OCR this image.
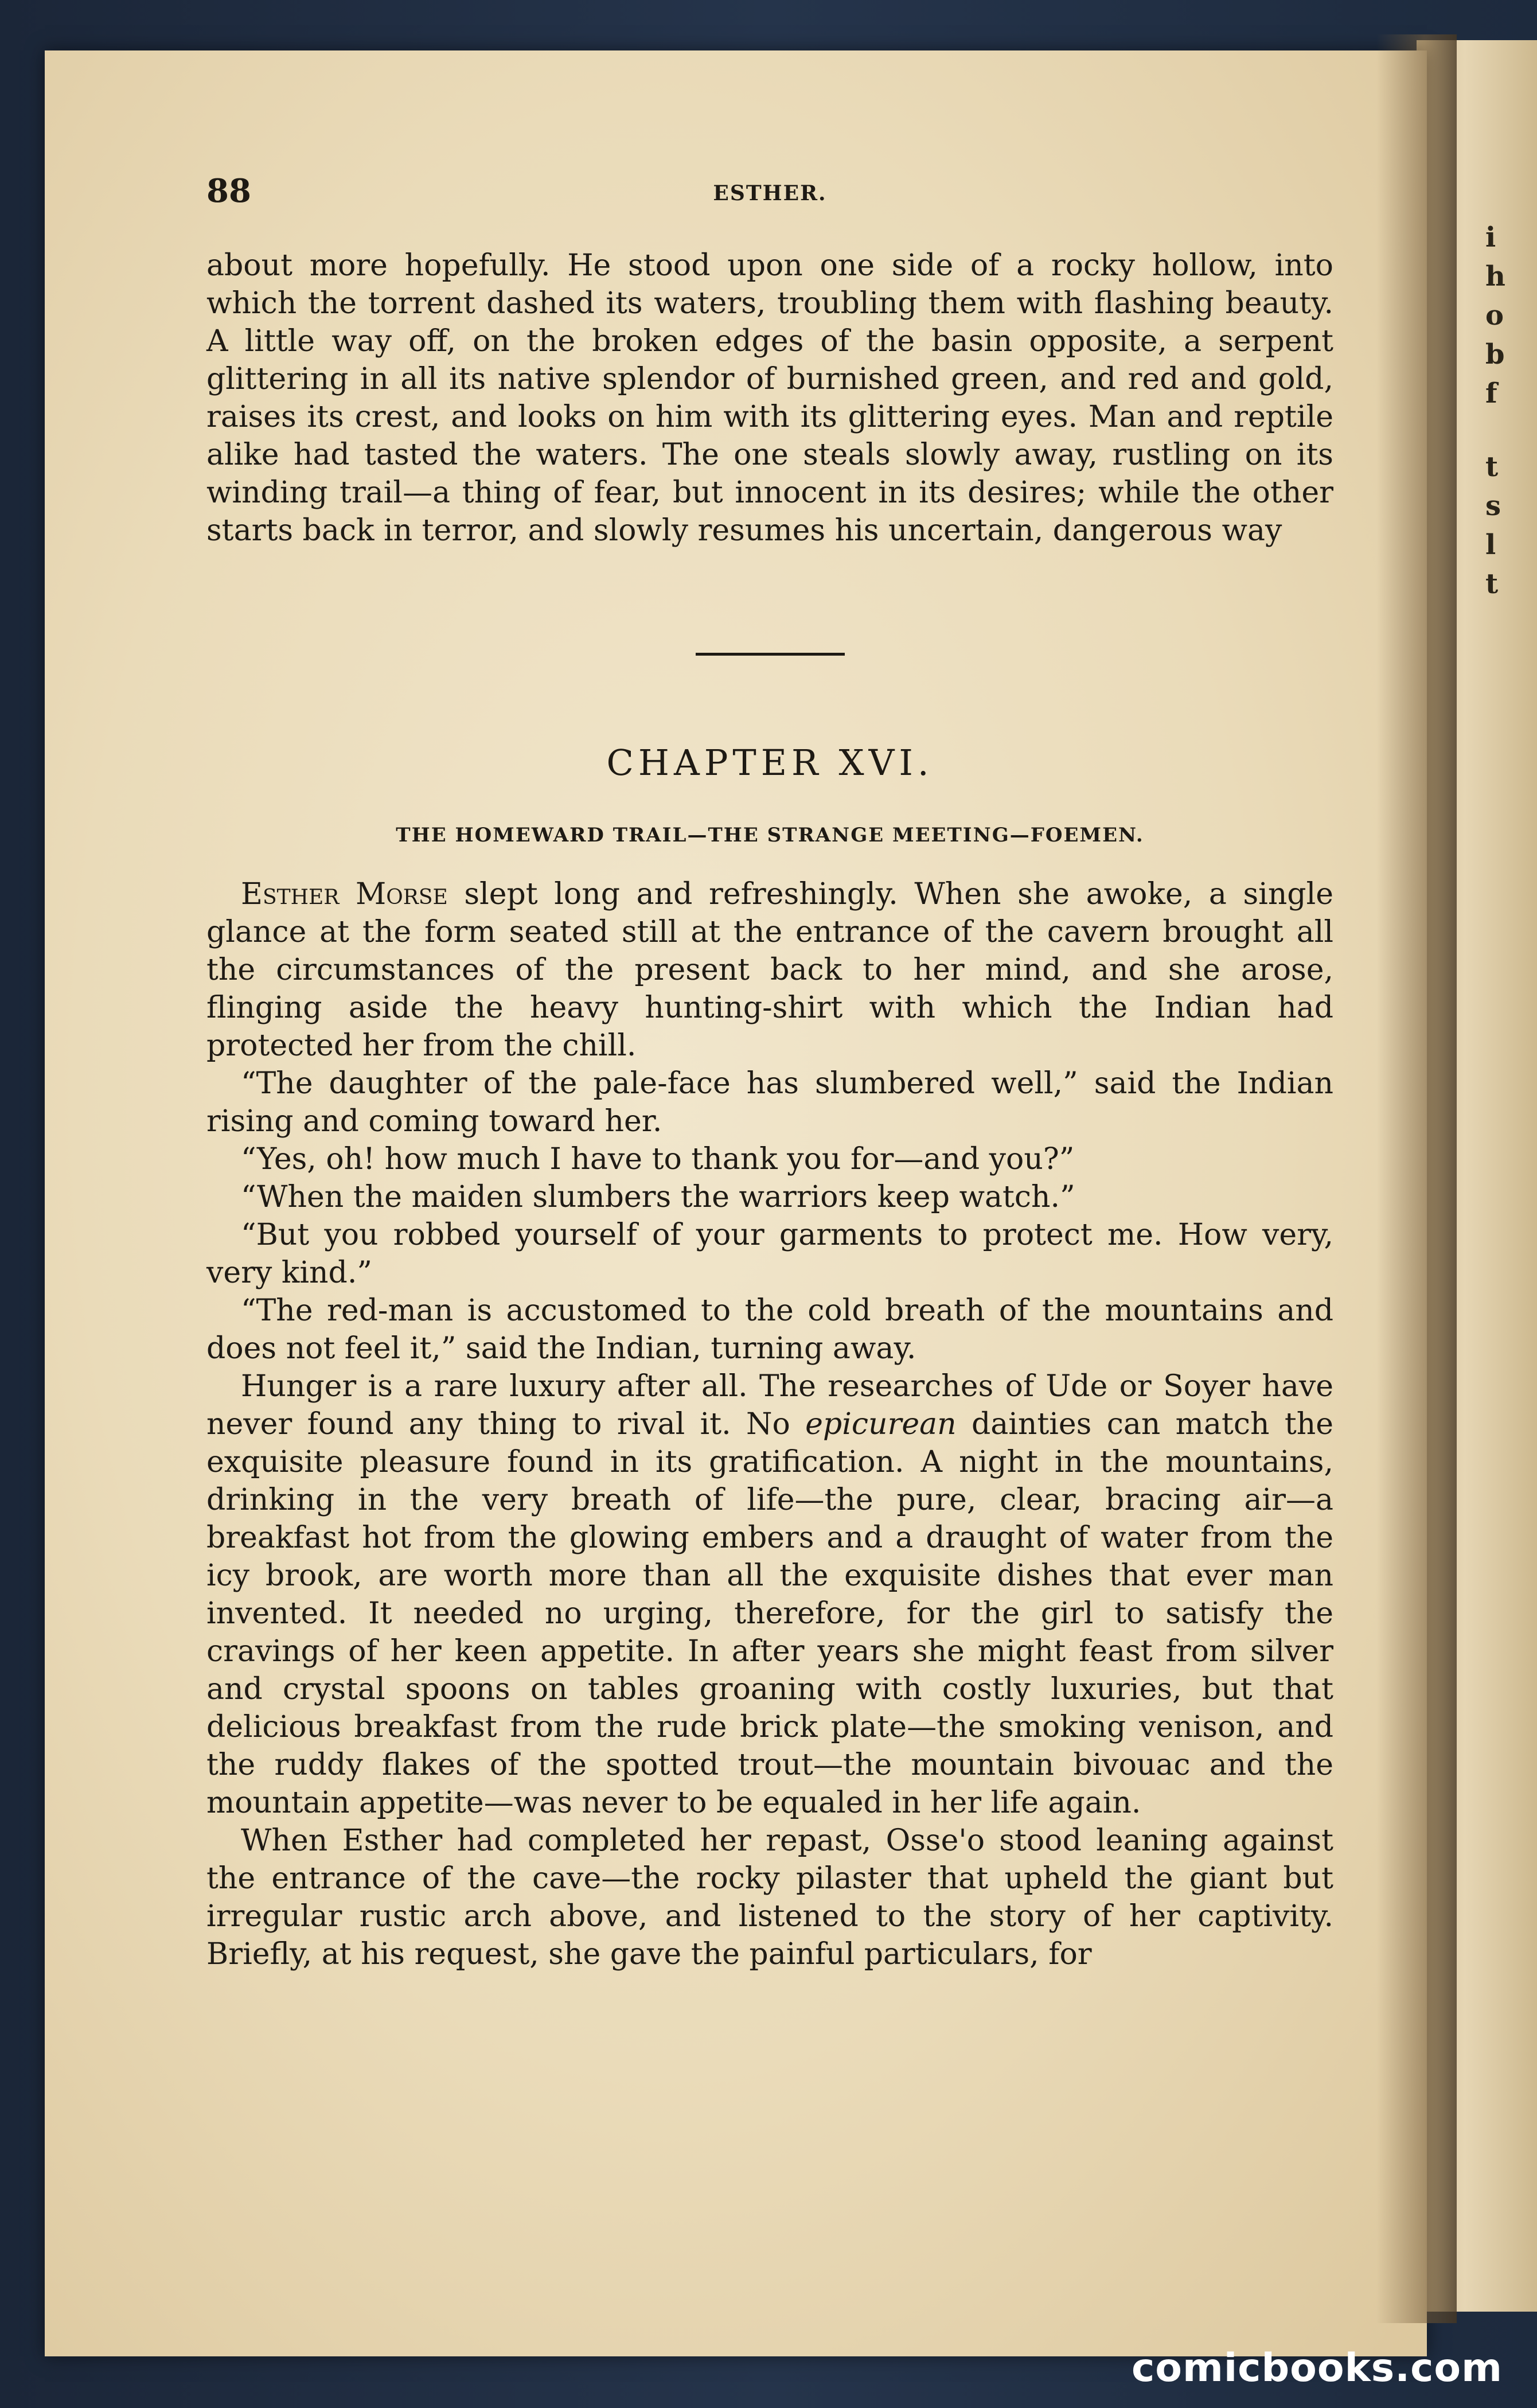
i
h
o
b
f
t
s
l
t
88	ESTHER.

about more hopefully. He stood upon one side of a rocky hollow, into which the torrent dashed its waters, troubling them with flashing beauty. A little way off, on the broken edges of the basin opposite, a serpent glittering in all its native splendor of burnished green, and red and gold, raises its crest, and looks on him with its glittering eyes. Man and reptile alike had tasted the waters. The one steals slowly away, rustling on its winding trail—a thing of fear, but innocent in its desires; while the other starts back in terror, and slowly resumes his uncertain, dangerous way

CHAPTER XVI.
THE HOMEWARD TRAIL—THE STRANGE MEETING—FOEMEN.

Esther Morse slept long and refreshingly. When she awoke, a single glance at the form seated still at the entrance of the cavern brought all the circumstances of the present back to her mind, and she arose, flinging aside the heavy hunting-shirt with which the Indian had protected her from the chill.

“The daughter of the pale-face has slumbered well,” said the Indian rising and coming toward her.

“Yes, oh! how much I have to thank you for—and you?”

“When the maiden slumbers the warriors keep watch.”

“But you robbed yourself of your garments to protect me. How very, very kind.”

“The red-man is accustomed to the cold breath of the mountains and does not feel it,” said the Indian, turning away.

Hunger is a rare luxury after all. The researches of Ude or Soyer have never found any thing to rival it. No epicurean dainties can match the exquisite pleasure found in its gratification. A night in the mountains, drinking in the very breath of life—the pure, clear, bracing air—a breakfast hot from the glowing embers and a draught of water from the icy brook, are worth more than all the exquisite dishes that ever man invented. It needed no urging, therefore, for the girl to satisfy the cravings of her keen appetite. In after years she might feast from silver and crystal spoons on tables groaning with costly luxuries, but that delicious breakfast from the rude brick plate—the smoking venison, and the ruddy flakes of the spotted trout—the mountain bivouac and the mountain appetite—was never to be equaled in her life again.

When Esther had completed her repast, Osse'o stood leaning against the entrance of the cave—the rocky pilaster that upheld the giant but irregular rustic arch above, and listened to the story of her captivity. Briefly, at his request, she gave the painful particulars, for

comicbooks.com
